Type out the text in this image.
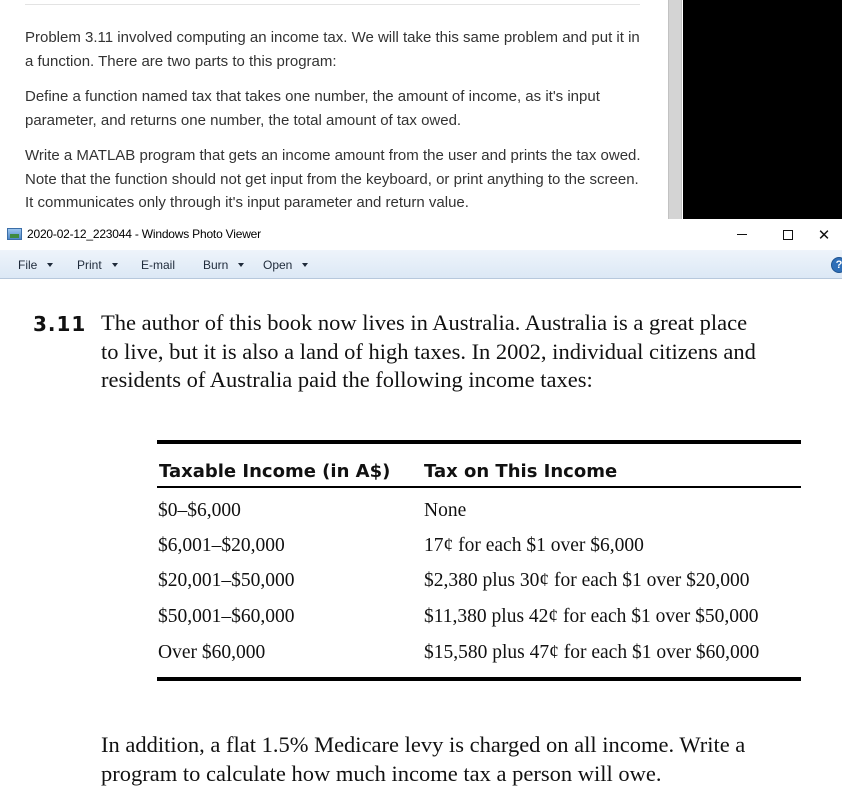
Problem 3.11 involved computing an income tax. We will take this same problem and put it in a function. There are two parts to this program:

Define a function named tax that takes one number, the amount of income, as it's input parameter, and returns one number, the total amount of tax owed.

Write a MATLAB program that gets an income amount from the user and prints the tax owed. Note that the function should not get input from the keyboard, or print anything to the screen. It communicates only through it's input parameter and return value.

2020-02-12_223044 - Windows Photo Viewer	✕
File	Print	E-mail Burn	Open	?
3.11 The author of this book now lives in Australia. Australia is a great place
to live, but it is also a land of high taxes. In 2002, individual citizens and
residents of Australia paid the following income taxes:
Taxable Income (in A$) Tax on This Income
$0–$6,000	None
$6,001–$20,000	17¢ for each $1 over $6,000
$20,001–$50,000	$2,380 plus 30¢ for each $1 over $20,000
$50,001–$60,000	$11,380 plus 42¢ for each $1 over $50,000
Over $60,000	$15,580 plus 47¢ for each $1 over $60,000
In addition, a flat 1.5% Medicare levy is charged on all income. Write a
program to calculate how much income tax a person will owe.
